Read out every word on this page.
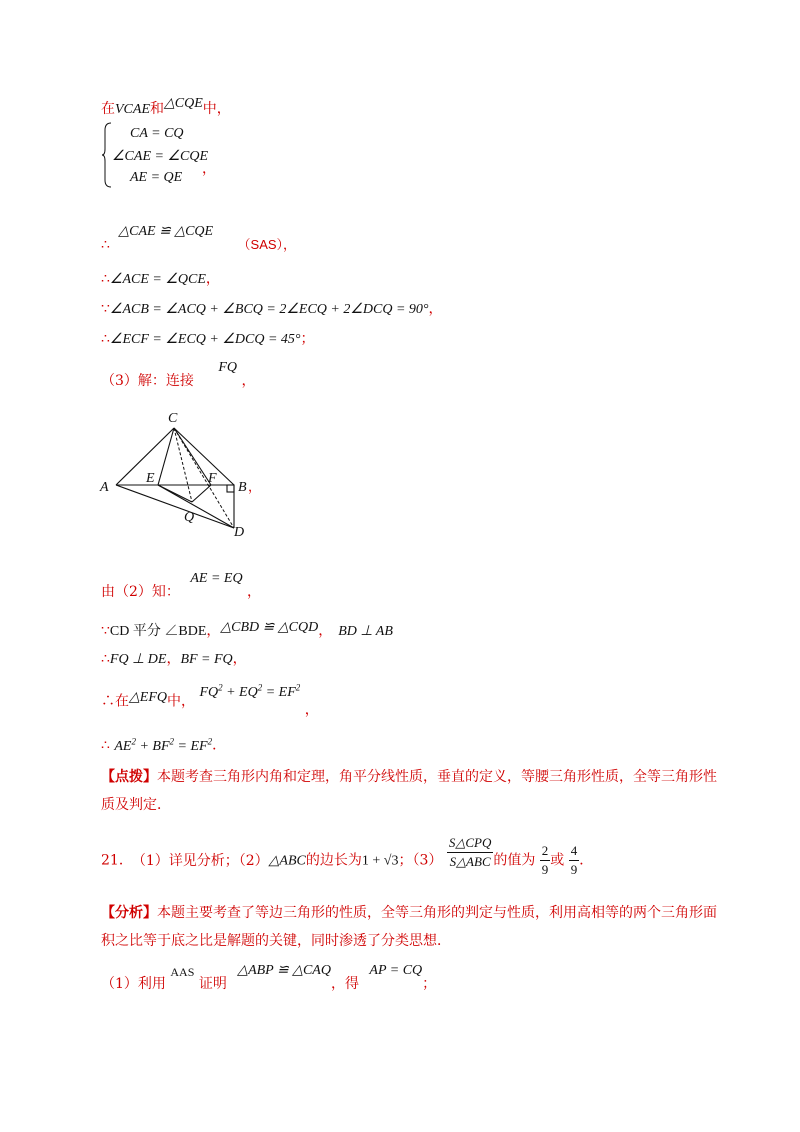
在VCAE和△CQE中，
CA = CQ
∠CAE = ∠CQE
AE = QE
，
∴ △CAE ≌ △CQE （SAS），
∴∠ACE = ∠QCE，
∵∠ACB = ∠ACQ + ∠BCQ = 2∠ECQ + 2∠DCQ = 90°，
∴∠ECF = ∠ECQ + ∠DCQ = 45°；
（3）解：连接 FQ ，
C
A
E	F
B
Q
D
，
由（2）知： AE = EQ ，
∵CD 平分 ∠BDE，△CBD ≌ △CQD， BD ⊥ AB
∴FQ ⊥ DE，BF = FQ，
∴在△EFQ中， $FQ^2 + EQ^2 = EF^2$ ，
∴ $AE^2 + BF^2 = EF^2$．
【点拨】本题考查三角形内角和定理，角平分线性质，垂直的定义，等腰三角形性质，全等三角形性
质及判定．
21． （1）详见分析；（2）△ABC的边长为1 + √3；$(3) \frac{\text{S△CPQ}}{\text{S△ABC}}$ 的值为 $\frac{2}{9}$ 或 $\frac{4}{9}$ ．
【分析】本题主要考查了等边三角形的性质，全等三角形的判定与性质，利用高相等的两个三角形面
积之比等于底之比是解题的关键，同时渗透了分类思想．
（1）利用 AAS 证明 △ABP ≌ △CAQ，得 AP = CQ；
